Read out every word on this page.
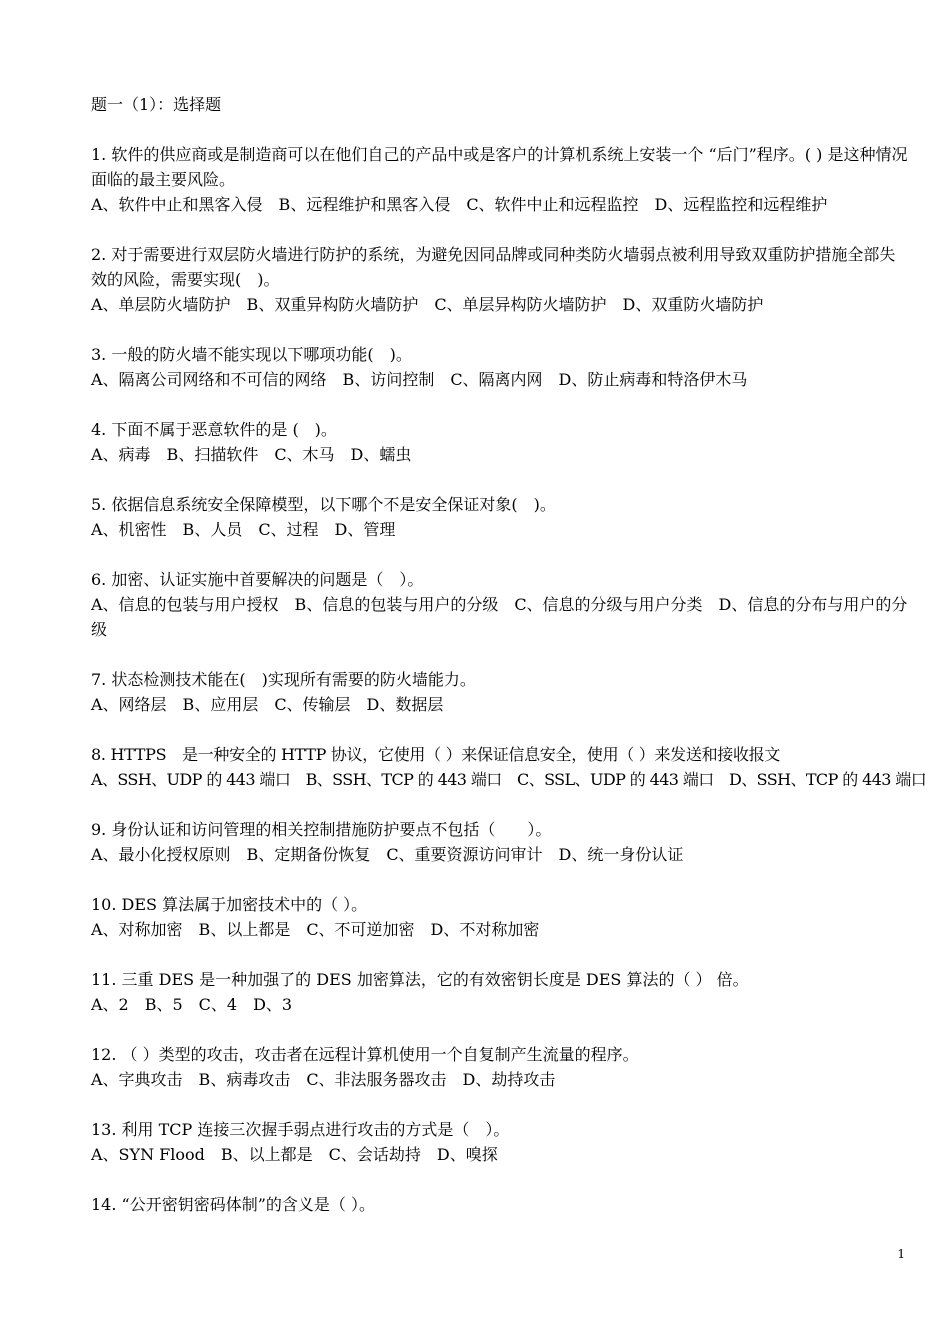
题一（1）：选择题

1. 软件的供应商或是制造商可以在他们自己的产品中或是客户的计算机系统上安装一个 “后门”程序。( ) 是这种情况面临的最主要风险。

A、软件中止和黑客入侵　B、远程维护和黑客入侵　C、软件中止和远程监控　D、远程监控和远程维护

2. 对于需要进行双层防火墙进行防护的系统，为避免因同品牌或同种类防火墙弱点被利用导致双重防护措施全部失效的风险，需要实现(　)。

A、单层防火墙防护　B、双重异构防火墙防护　C、单层异构防火墙防护　D、双重防火墙防护

3. 一般的防火墙不能实现以下哪项功能(　)。

A、隔离公司网络和不可信的网络　B、访问控制　C、隔离内网　D、防止病毒和特洛伊木马

4. 下面不属于恶意软件的是 (　)。

A、病毒　B、扫描软件　C、木马　D、蠕虫

5. 依据信息系统安全保障模型，以下哪个不是安全保证对象(　)。

A、机密性　B、人员　C、过程　D、管理

6. 加密、认证实施中首要解决的问题是（　）。

A、信息的包装与用户授权　B、信息的包装与用户的分级　C、信息的分级与用户分类　D、信息的分布与用户的分级

7. 状态检测技术能在(　)实现所有需要的防火墙能力。

A、网络层　B、应用层　C、传输层　D、数据层

8. HTTPS　是一种安全的 HTTP 协议，它使用（ ）来保证信息安全，使用（ ）来发送和接收报文

A、SSH、UDP 的 443 端口　B、SSH、TCP 的 443 端口　C、SSL、UDP 的 443 端口　D、SSH、TCP 的 443 端口

9. 身份认证和访问管理的相关控制措施防护要点不包括（　　）。

A、最小化授权原则　B、定期备份恢复　C、重要资源访问审计　D、统一身份认证

10. DES 算法属于加密技术中的（ ）。

A、对称加密　B、以上都是　C、不可逆加密　D、不对称加密

11. 三重 DES 是一种加强了的 DES 加密算法，它的有效密钥长度是 DES 算法的（ ） 倍。

A、2　B、5　C、4　D、3

12. （ ）类型的攻击，攻击者在远程计算机使用一个自复制产生流量的程序。

A、字典攻击　B、病毒攻击　C、非法服务器攻击　D、劫持攻击

13. 利用 TCP 连接三次握手弱点进行攻击的方式是（　）。

A、SYN Flood　B、以上都是　C、会话劫持　D、嗅探

14. “公开密钥密码体制”的含义是（ ）。

1
